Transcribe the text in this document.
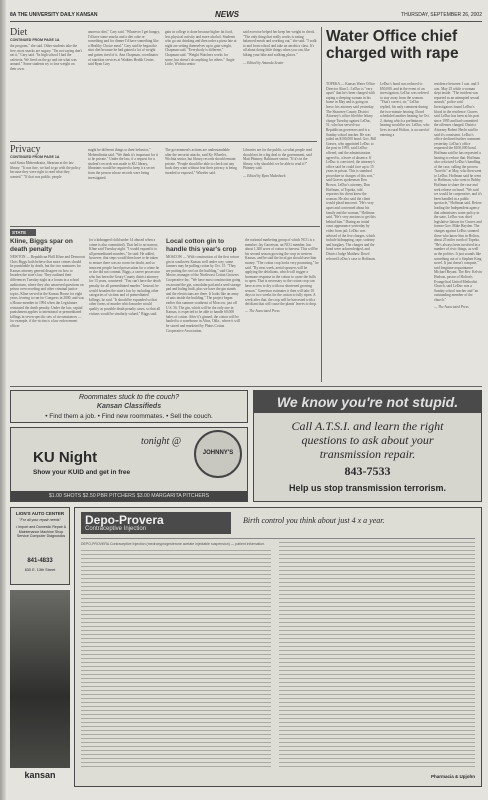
8A THE UNIVERSITY DAILY KANSAN	NEWS	THURSDAY, SEPTEMBER 26, 2002
Diet
CONTINUED FROM PAGE 1A
the program," she said. Other students take the free, most snacks are sugary. "I'm not saying don't eat it," Cary said. "In high school I had the cafeteria. We lived on the go and ate what was around." Some students try to lose weight on their own.
anorexic diet," Cary said. "Whatever I get hungry, I'd have some snacks and a diet coke or something and for dinner I'd have something like a Healthy Choice meal." Cary said he began the stint diet because he had gained a lot of weight and gotten tired of it. Ann Chapman, coordinator of nutrition services at Watkins Health Center, said Ryan Cary
gain in college is done because higher fat food, less physical activity and more alcohol. Students who go out drinking and then order a pizza late at night are setting themselves up to gain weight, Chapman said. "Everybody is different," Chapman said. "Weight Watchers works for some, but doesn't do anything for others." Angie Little, Wichita senior
said exercise helped her keep her weight in check. "The only thing that really works is eating balanced meals and working out," she said. "I walk to and from school and take an aerobics class. It's all about doing little things when you can, like biking your bike and walking places."
— Edited by Amanda Seater
Privacy
CONTINUED FROM PAGE 1A
said Sonia Mehendiratta, librarian at the law library. "It was fine, we had to go with the policy because they were right to read what they wanted." "If that was public, people
might be different things to their behavior," Mehendiratta said. "We think it's important for it to be private." Under the law, if a request for a student's records was made to KU library, librarians would be required to keep it a secret from the person whose records were being investigated.
The government's actions are understandable after the terrorist attacks, said Ky Wheeler, Wichita senior, but library records should remain private. "People should be able to check out any book they want without fear their privacy is being invaded or exposed," Wheeler said.
Libraries are for the public, so what people read should not be a big deal to the government, said Matt Phinney, Baltimore senior. "If it's in the library, why shouldn't we be able to read it?" Phinney said.
— Edited by Ryan Malashock
Water Office chief charged with rape
TOPEKA — Kansas Water Office Director Alan L. LeDuc is "very upset" that he's been charged with raping a sleeping woman in his home in May and is going on leave, his attorney said yesterday. The Shawnee County District Attorney's office filed the felony charge Tuesday against LeDuc, 51, who has served two Republican governors and is a Sunday school teacher. He was jailed on $100,000 bond. Gov. Bill Graves, who appointed LeDuc to the post in 1995, said LeDuc offered, and the administration agreed to, a leave of absence. If LeDuc is convicted, the attorney's office said he could face up to 15 years in prison. This is standard procedure in charges of this sort," said Graves spokesman Don Brown. LeDuc's attorney, Dan Hoffman, of Topeka, told reporters his client knew the woman. He also said the client would plead innocent. "He's very upset and concerned about his family and the woman," Hoffman said. "He's very anxious to get this behind him." During an initial court appearance yesterday by video from jail, LeDuc was advised of the five charges, which include kidnapping, rape, sodomy and burglary. The charges and the bond were acknowledged, and District Judge Matthew Dowd referred LeDuc's case to Hoffman.
LeDuc's bond was reduced to $50,000, and in the event of an investigation, LeDuc was ordered to stay away from the woman. "That's correct, sir," LeDuc replied, his only comment during the two-minute hearing. Dowd scheduled another hearing for Oct. 2, during which a preliminary hearing would be set. LeDuc, who lives in rural Holton, is accused of entering a
residence between 1 a.m. and 3 a.m. May 25 while a woman slept inside. "The incident was reported as an attempted sexual assault," police said. Investigators found LeDuc's blood in the residence. Graves said LeDuc has been at his post since 1995 and had committed the offenses charged. District Attorney Robert Hecht said he said it's consistent. LeDuc's office declined further comment yesterday. LeDuc's office requested the $100,000 bond. Hoffman said he has requested a hearing to reduce that. Hoffman also criticized LeDuc's handling of the case, calling the process "horrific" at May, who then went to LeDuc. Hoffman said he went to Hoffman, who went to Bobby Hoffman to share the case and seek release on bond. "We said we would be cooperative, and it's been handled in a public spectacle," Hoffman said. Before leading the Independent agency that administers water policy in the state, LeDuc was chief legislative liaison for Graves and former Gov. Mike Hayden. The charges against LeDuc stunned those who know him in Holton, about 25 miles north of Topeka. "He's always been involved in a number of civic things, as well as the politics. It just sounds like something out of a Stephen King novel. It just doesn't compute," said longtime acquaintance Michael Bryant. The Rev. Kelvin Hudson, pastor of Holton's Evangelical United Methodist Church, said LeDuc was a Sunday school teacher and "an outstanding member of the church."
— The Associated Press
STATE
Kline, Biggs spar on death penalty
NEWTON — Republican Phill Kline and Democrat Chris Biggs both believe that more crimes should be punishable by death, but the two nominees for Kansas attorney general disagree on how to broaden the state's law. They outlined their differences Tuesday night at a forum in a school auditorium, where they also answered questions on prison overcrowding and other criminal justice topics. Kline served in the Kansas House for eight years, leaving to run for Congress in 2000, and was a House member in 1994 when the Legislature reinstated the death penalty. Under the law, capital punishment applies to intentional or premeditated killings in seven specific sets of circumstances — for example, if the victim is a law enforcement officer
(or a kidnapped child under 14 abused when a crime is also committed). That led to no narrow, Kline said Tuesday night. "I would expand it to all premeditated murders," he said. He added, however, that steps would then have to be taken to ensure there was no room for doubt, and so innocent people faced prosecution for a crime he or she did not commit. Biggs, a career prosecutor who has been the Geary County district attorney for 13 years, countered: "You can't have the death penalty for all premeditated murder." Instead, he would broaden the state's law by including other categories of victims and of premeditated killings, he said. "It should be expanded so that other forms of murder which murder would qualify as possible death penalty cases, so that all victims would be similarly valued," Biggs said.
Local cotton gin to handle this year's crop
MOSCOW — With construction of the first cotton gin in southwest Kansas well under way, some farmers may be pulling cotton by Oct. 15. "They are putting the roof on the building," said Gary Moore, manager of the Northwest Cotton Growers Cooperative Inc. "We have most construction going on around the gin, a modular pad and a seed storage pad and baling built, plus we have the gin stands and the electricians are there. It looks like an army of ants inside the building." The project began earlier this summer southeast of Moscow, just off U.S. 56. The gin, which will be the only one in Kansas, is expected to be able to handle 60,000 bales of cotton. After it's ginned, the cotton will be hauled to a warehouse in Altus, Okla., where it will be stored and marketed by Plains Cotton Cooperative Association,
the national marketing group of which NCG is a member. Jay Garretson, an NCG member, has about 1,300 acres of cotton to harvest. This will be his second season growing the crop in western Kansas, and he said the local gin should save him money. "The cotton crop looks very promising," he said. "By next week, aerial sprayers will be applying the defoliants, which will trigger a hormone response in the cotton to cause the bolls to open. That is necessary so the cotton crop can have access to dry with our shortened growing season." Garretson estimates it then will take 10 days to two weeks for the cotton to fully ripen. A week after that, the crop will be harvested with a defoliant that will cause the plants' leaves to drop.
— The Associated Press
Roommates stuck to the couch?
Kansan Classifieds
• Find them a job. • Find new roommates. • Sell the couch.
tonight @
JOHNNY'S
KU Night
Show your KUID and get in free
$1.00 SHOTS $2.50 PBR PITCHERS $3.00 MARGARITA PITCHERS
We know you're not stupid.
Call A.T.S.I. and learn the right
questions to ask about your
transmission repair.
843-7533
Help us stop transmission terrorism.
LION'S AUTO CENTER
"For all your repair needs"
• Import and Domestic Repair & Maintenance Machine Shop Service Computer Diagnostics
841-4833
630 E. 13th Street
kansan
Depo-Provera
Contraceptive Injection
Birth control you think about just 4 x a year.
DEPO-PROVERA Contraceptive Injection (medroxyprogesterone acetate injectable suspension) — patient information.
Pharmacia & Upjohn
